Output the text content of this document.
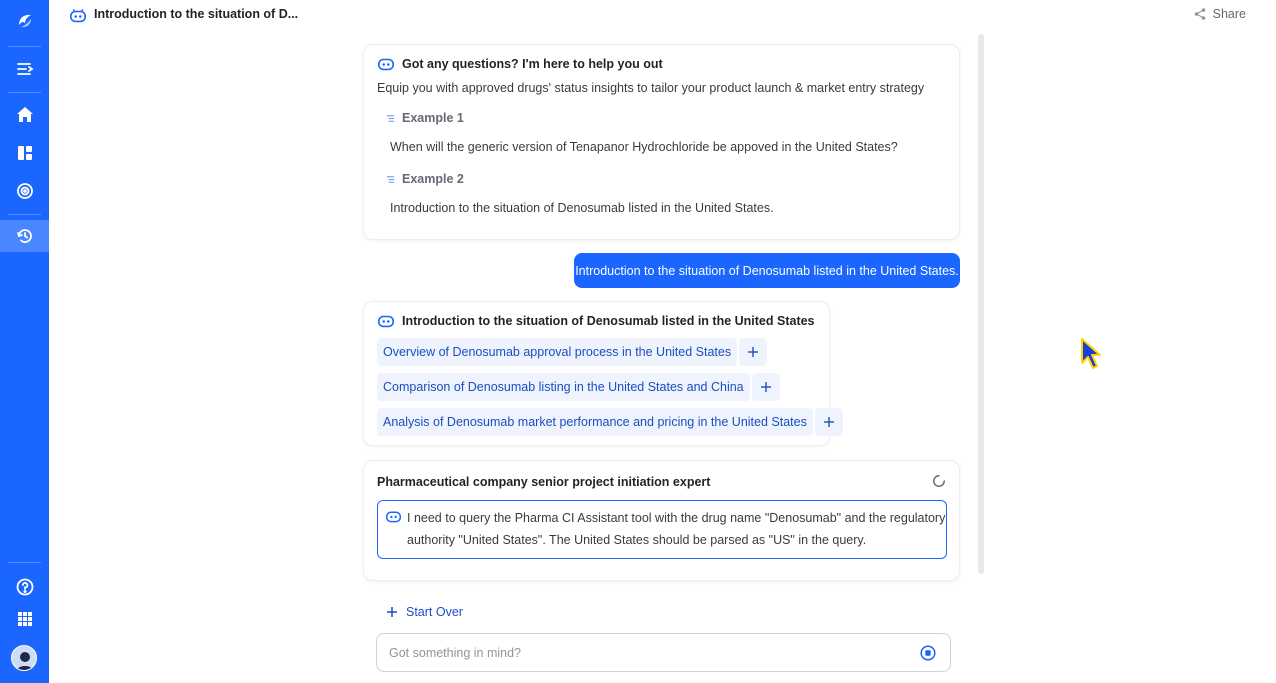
Introduction to the situation of D...	Share
Got any questions? I'm here to help you out
Equip you with approved drugs' status insights to tailor your product launch & market entry strategy
Example 1
When will the generic version of Tenapanor Hydrochloride be appoved in the United States?
Example 2
Introduction to the situation of Denosumab listed in the United States.
Introduction to the situation of Denosumab listed in the United States.
Introduction to the situation of Denosumab listed in the United States
Overview of Denosumab approval process in the United States
Comparison of Denosumab listing in the United States and China
Analysis of Denosumab market performance and pricing in the United States
Pharmaceutical company senior project initiation expert
I need to query the Pharma CI Assistant tool with the drug name "Denosumab" and the regulatory
authority "United States". The United States should be parsed as "US" in the query.
Start Over
Got something in mind?
